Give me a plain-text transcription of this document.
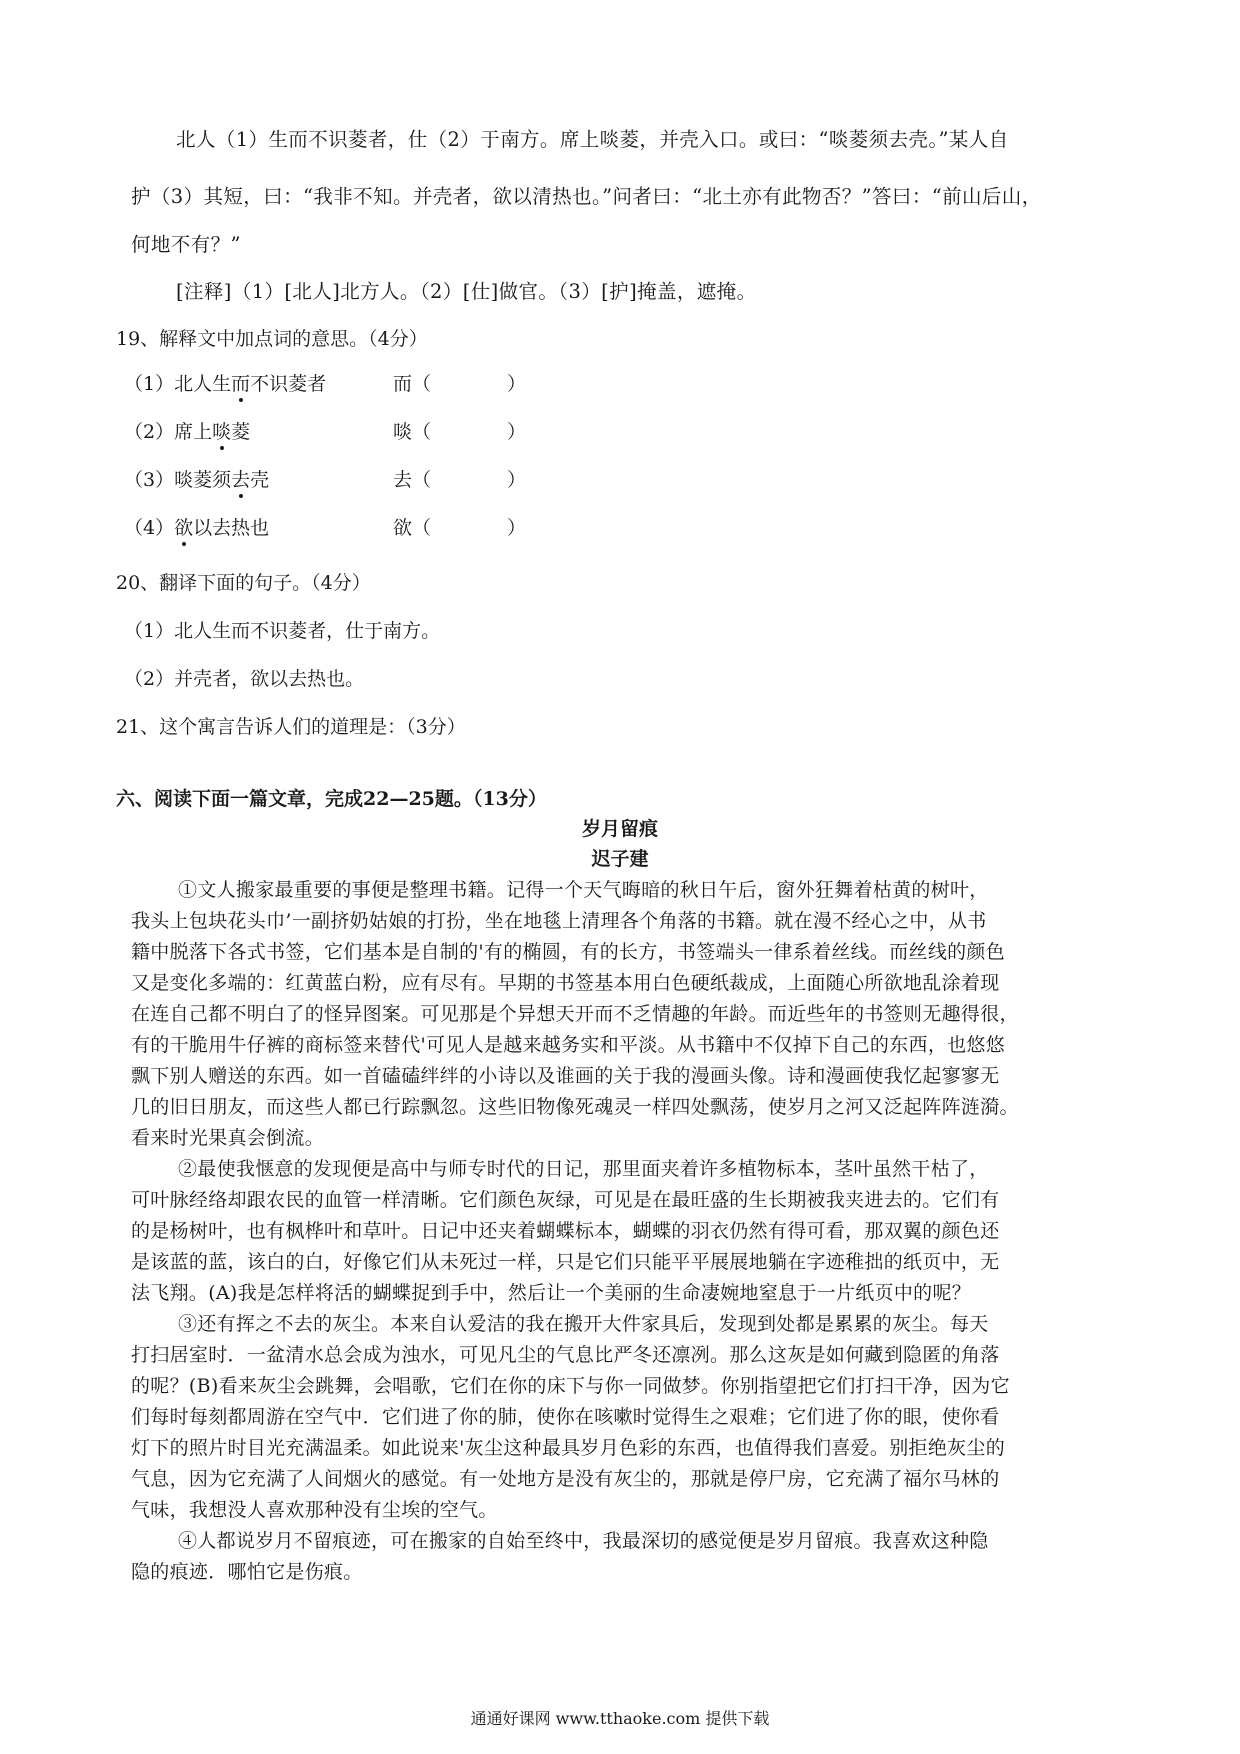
北人（1）生而不识菱者，仕（2）于南方。席上啖菱，并壳入口。或曰：“啖菱须去壳。”某人自
护（3）其短，曰：“我非不知。并壳者，欲以清热也。”问者曰：“北土亦有此物否？”答曰：“前山后山，
何地不有？”
[注释]（1）[北人]北方人。（2）[仕]做官。（3）[护]掩盖，遮掩。
19、解释文中加点词的意思。（4分）
（1）北人生而不识菱者	而（	）
（2）席上啖菱	啖（	）
（3）啖菱须去壳	去（	）
（4）欲以去热也	欲（	）
20、翻译下面的句子。（4分）
（1）北人生而不识菱者，仕于南方。
（2）并壳者，欲以去热也。
21、这个寓言告诉人们的道理是：（3分）
六、阅读下面一篇文章，完成22—25题。（13分）
岁月留痕
迟子建
①文人搬家最重要的事便是整理书籍。记得一个天气晦暗的秋日午后，窗外狂舞着枯黄的树叶，
我头上包块花头巾’一副挤奶姑娘的打扮，坐在地毯上清理各个角落的书籍。就在漫不经心之中，从书
籍中脱落下各式书签，它们基本是自制的'有的椭圆，有的长方，书签端头一律系着丝线。而丝线的颜色
又是变化多端的：红黄蓝白粉，应有尽有。早期的书签基本用白色硬纸裁成，上面随心所欲地乱涂着现
在连自己都不明白了的怪异图案。可见那是个异想天开而不乏情趣的年龄。而近些年的书签则无趣得很，
有的干脆用牛仔裤的商标签来替代'可见人是越来越务实和平淡。从书籍中不仅掉下自己的东西，也悠悠
飘下别人赠送的东西。如一首磕磕绊绊的小诗以及谁画的关于我的漫画头像。诗和漫画使我忆起寥寥无
几的旧日朋友，而这些人都已行踪飘忽。这些旧物像死魂灵一样四处飘荡，使岁月之河又泛起阵阵涟漪。
看来时光果真会倒流。
②最使我惬意的发现便是高中与师专时代的日记，那里面夹着许多植物标本，茎叶虽然干枯了，
可叶脉经络却跟农民的血管一样清晰。它们颜色灰绿，可见是在最旺盛的生长期被我夹进去的。它们有
的是杨树叶，也有枫桦叶和草叶。日记中还夹着蝴蝶标本，蝴蝶的羽衣仍然有得可看，那双翼的颜色还
是该蓝的蓝，该白的白，好像它们从未死过一样，只是它们只能平平展展地躺在字迹稚拙的纸页中，无
法飞翔。(A)我是怎样将活的蝴蝶捉到手中，然后让一个美丽的生命凄婉地窒息于一片纸页中的呢？
③还有挥之不去的灰尘。本来自认爱洁的我在搬开大件家具后，发现到处都是累累的灰尘。每天
打扫居室时．一盆清水总会成为浊水，可见凡尘的气息比严冬还凛冽。那么这灰是如何藏到隐匿的角落
的呢？(B)看来灰尘会跳舞，会唱歌，它们在你的床下与你一同做梦。你别指望把它们打扫干净，因为它
们每时每刻都周游在空气中．它们进了你的肺，使你在咳嗽时觉得生之艰难；它们进了你的眼，使你看
灯下的照片时目光充满温柔。如此说来'灰尘这种最具岁月色彩的东西，也值得我们喜爱。别拒绝灰尘的
气息，因为它充满了人间烟火的感觉。有一处地方是没有灰尘的，那就是停尸房，它充满了福尔马林的
气味，我想没人喜欢那种没有尘埃的空气。
④人都说岁月不留痕迹，可在搬家的自始至终中，我最深切的感觉便是岁月留痕。我喜欢这种隐
隐的痕迹．哪怕它是伤痕。
通通好课网 www.tthaoke.com 提供下载
